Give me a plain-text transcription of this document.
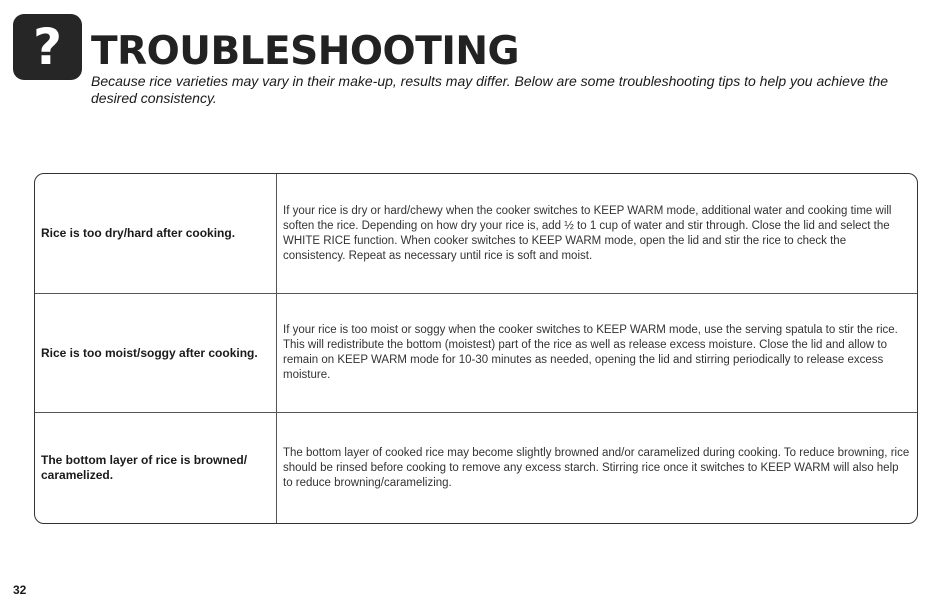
? TROUBLESHOOTING

Because rice varieties may vary in their make-up, results may differ. Below are some troubleshooting tips to help you achieve the desired consistency.

Rice is too dry/hard after cooking.
If your rice is dry or hard/chewy when the cooker switches to KEEP WARM mode, additional water and cooking time will soften the rice. Depending on how dry your rice is, add ½ to 1 cup of water and stir through. Close the lid and select the WHITE RICE function. When cooker switches to KEEP WARM mode, open the lid and stir the rice to check the consistency. Repeat as necessary until rice is soft and moist.
Rice is too moist/soggy after cooking.
If your rice is too moist or soggy when the cooker switches to KEEP WARM mode, use the serving spatula to stir the rice. This will redistribute the bottom (moistest) part of the rice as well as release excess moisture. Close the lid and allow to remain on KEEP WARM mode for 10-30 minutes as needed, opening the lid and stirring periodically to release excess moisture.
The bottom layer of rice is browned/ caramelized.
The bottom layer of cooked rice may become slightly browned and/or caramelized during cooking. To reduce browning, rice should be rinsed before cooking to remove any excess starch. Stirring rice once it switches to KEEP WARM will also help to reduce browning/caramelizing.

32
